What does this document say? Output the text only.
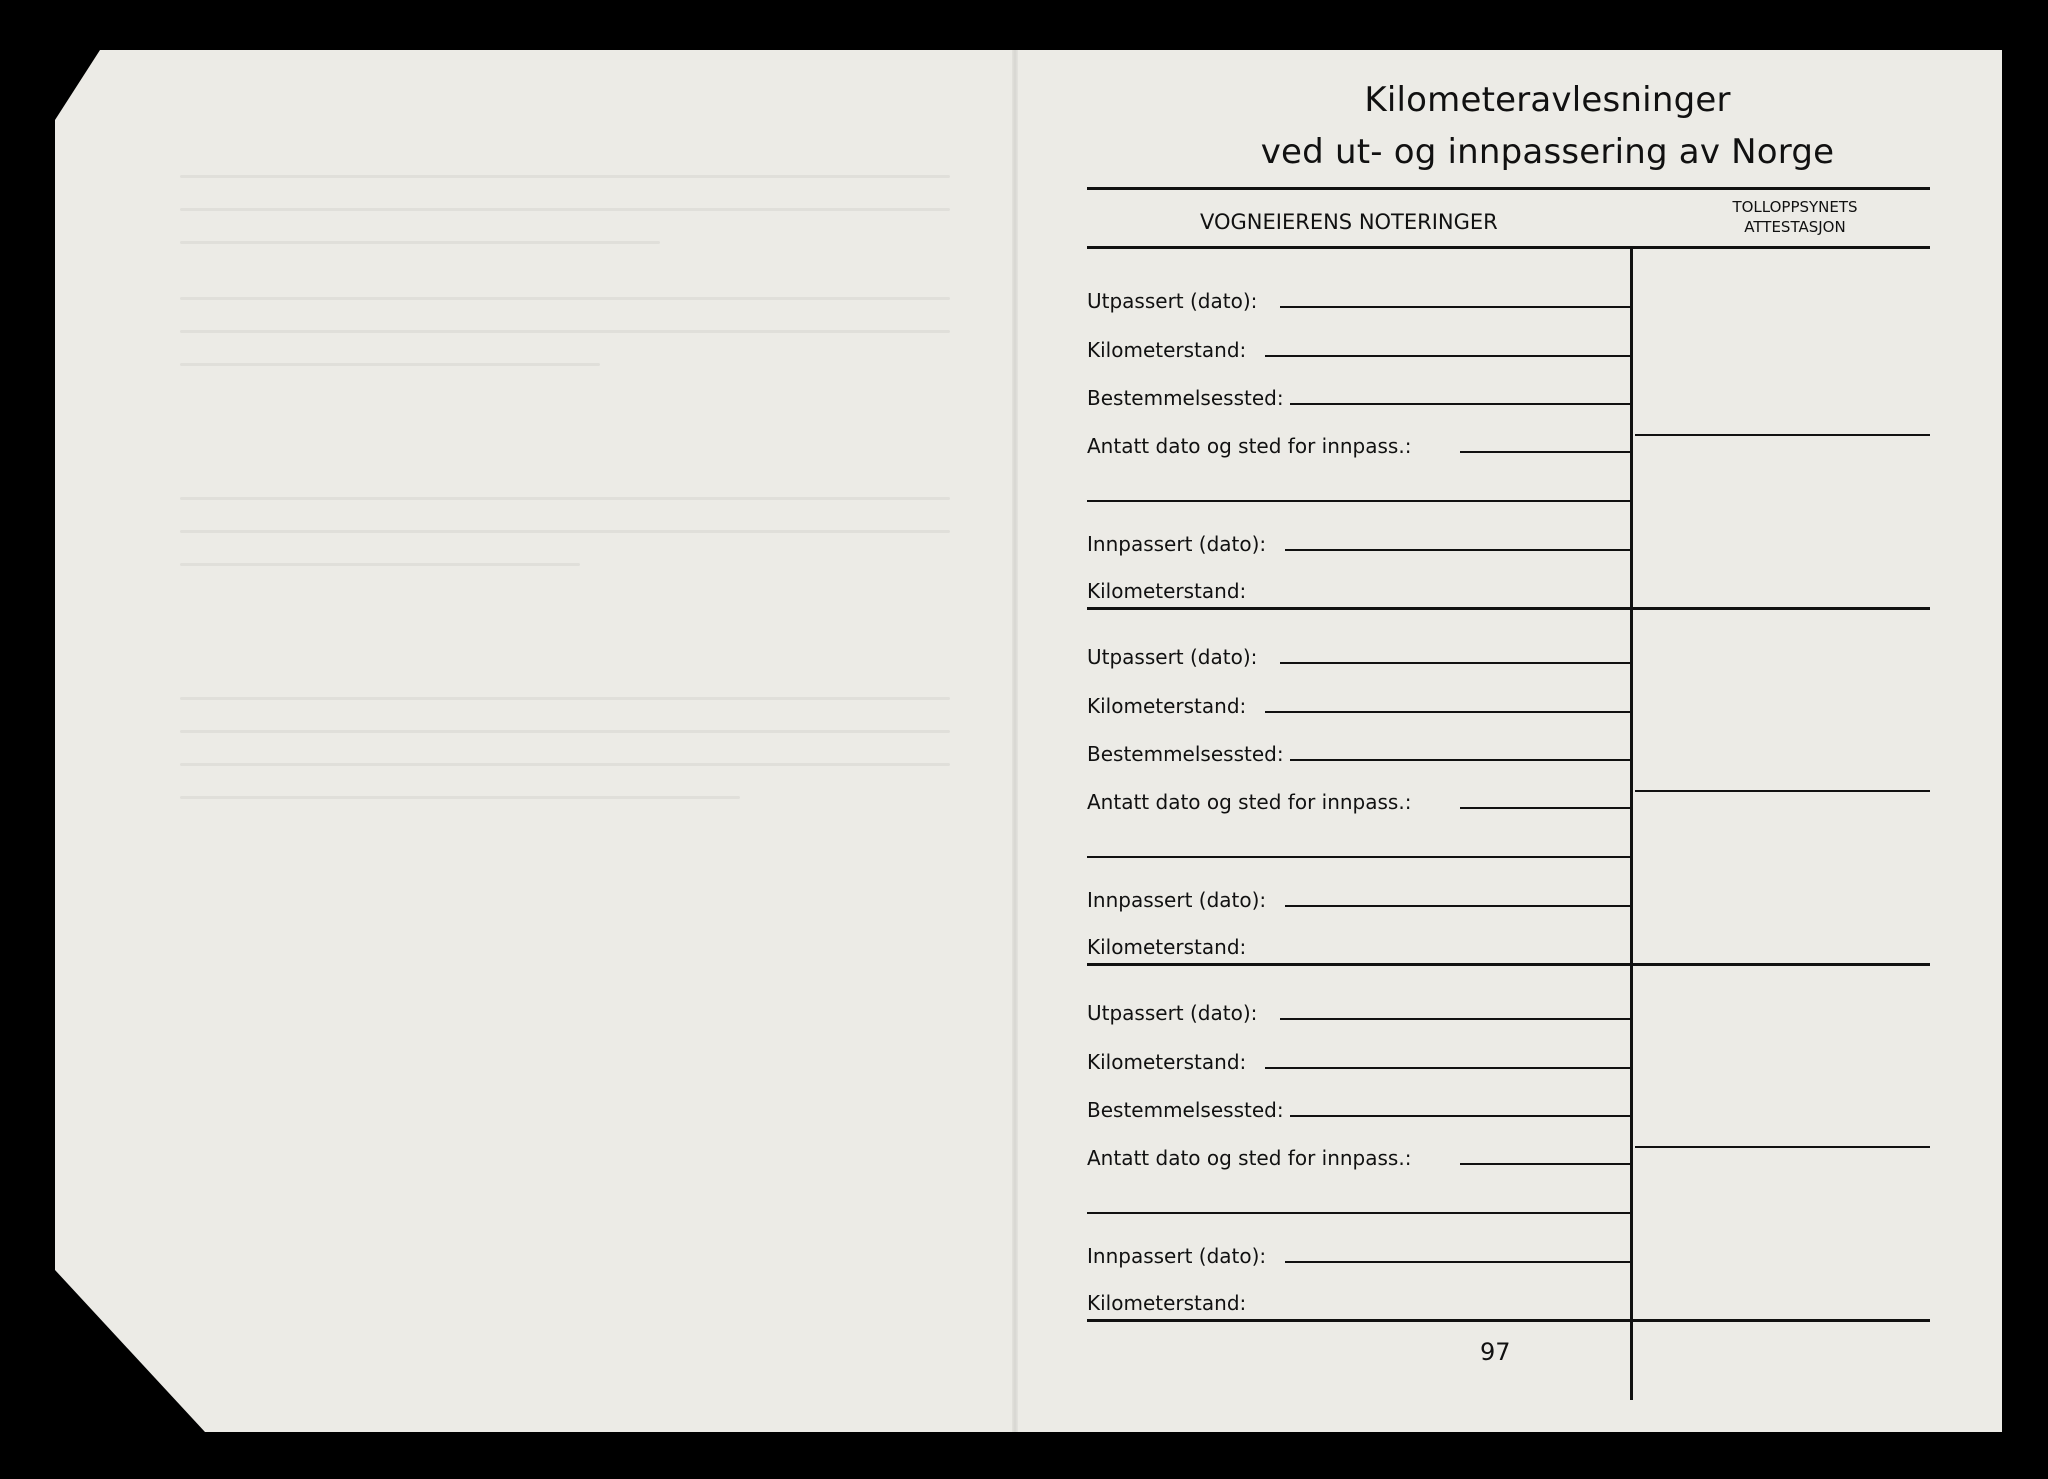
Kilometeravlesninger
ved ut- og innpassering av Norge
VOGNEIERENS NOTERINGER
TOLLOPPSYNETS
ATTESTASJON
Utpassert (dato):
Kilometerstand:
Bestemmelsessted:
Antatt dato og sted for innpass.:
Innpassert (dato):
Kilometerstand:
Utpassert (dato):
Kilometerstand:
Bestemmelsessted:
Antatt dato og sted for innpass.:
Innpassert (dato):
Kilometerstand:
Utpassert (dato):
Kilometerstand:
Bestemmelsessted:
Antatt dato og sted for innpass.:
Innpassert (dato):
Kilometerstand:
97
